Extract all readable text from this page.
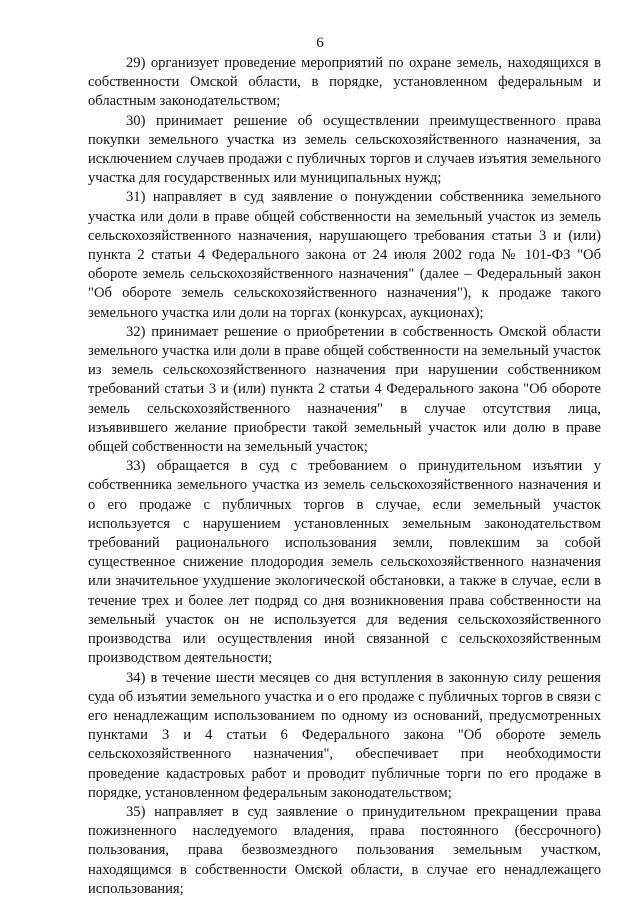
6

29) организует проведение мероприятий по охране земель, находящихся в собственности Омской области, в порядке, установленном федеральным и областным законодательством;

30) принимает решение об осуществлении преимущественного права покупки земельного участка из земель сельскохозяйственного назначения, за исключением случаев продажи с публичных торгов и случаев изъятия земельного участка для государственных или муниципальных нужд;

31) направляет в суд заявление о понуждении собственника земельного участка или доли в праве общей собственности на земельный участок из земель сельскохозяйственного назначения, нарушающего требования статьи 3 и (или) пункта 2 статьи 4 Федерального закона от 24 июля 2002 года № 101-ФЗ "Об обороте земель сельскохозяйственного назначения" (далее – Федеральный закон "Об обороте земель сельскохозяйственного назначения"), к продаже такого земельного участка или доли на торгах (конкурсах, аукционах);

32) принимает решение о приобретении в собственность Омской области земельного участка или доли в праве общей собственности на земельный участок из земель сельскохозяйственного назначения при нарушении собственником требований статьи 3 и (или) пункта 2 статьи 4 Федерального закона "Об обороте земель сельскохозяйственного назначения" в случае отсутствия лица, изъявившего желание приобрести такой земельный участок или долю в праве общей собственности на земельный участок;

33) обращается в суд с требованием о принудительном изъятии у собственника земельного участка из земель сельскохозяйственного назначения и о его продаже с публичных торгов в случае, если земельный участок используется с нарушением установленных земельным законодательством требований рационального использования земли, повлекшим за собой существенное снижение плодородия земель сельскохозяйственного назначения или значительное ухудшение экологической обстановки, а также в случае, если в течение трех и более лет подряд со дня возникновения права собственности на земельный участок он не используется для ведения сельскохозяйственного производства или осуществления иной связанной с сельскохозяйственным производством деятельности;

34) в течение шести месяцев со дня вступления в законную силу решения суда об изъятии земельного участка и о его продаже с публичных торгов в связи с его ненадлежащим использованием по одному из оснований, предусмотренных пунктами 3 и 4 статьи 6 Федерального закона "Об обороте земель сельскохозяйственного назначения", обеспечивает при необходимости проведение кадастровых работ и проводит публичные торги по его продаже в порядке, установленном федеральным законодательством;

35) направляет в суд заявление о принудительном прекращении права пожизненного наследуемого владения, права постоянного (бессрочного) пользования, права безвозмездного пользования земельным участком, находящимся в собственности Омской области, в случае его ненадлежащего использования;
